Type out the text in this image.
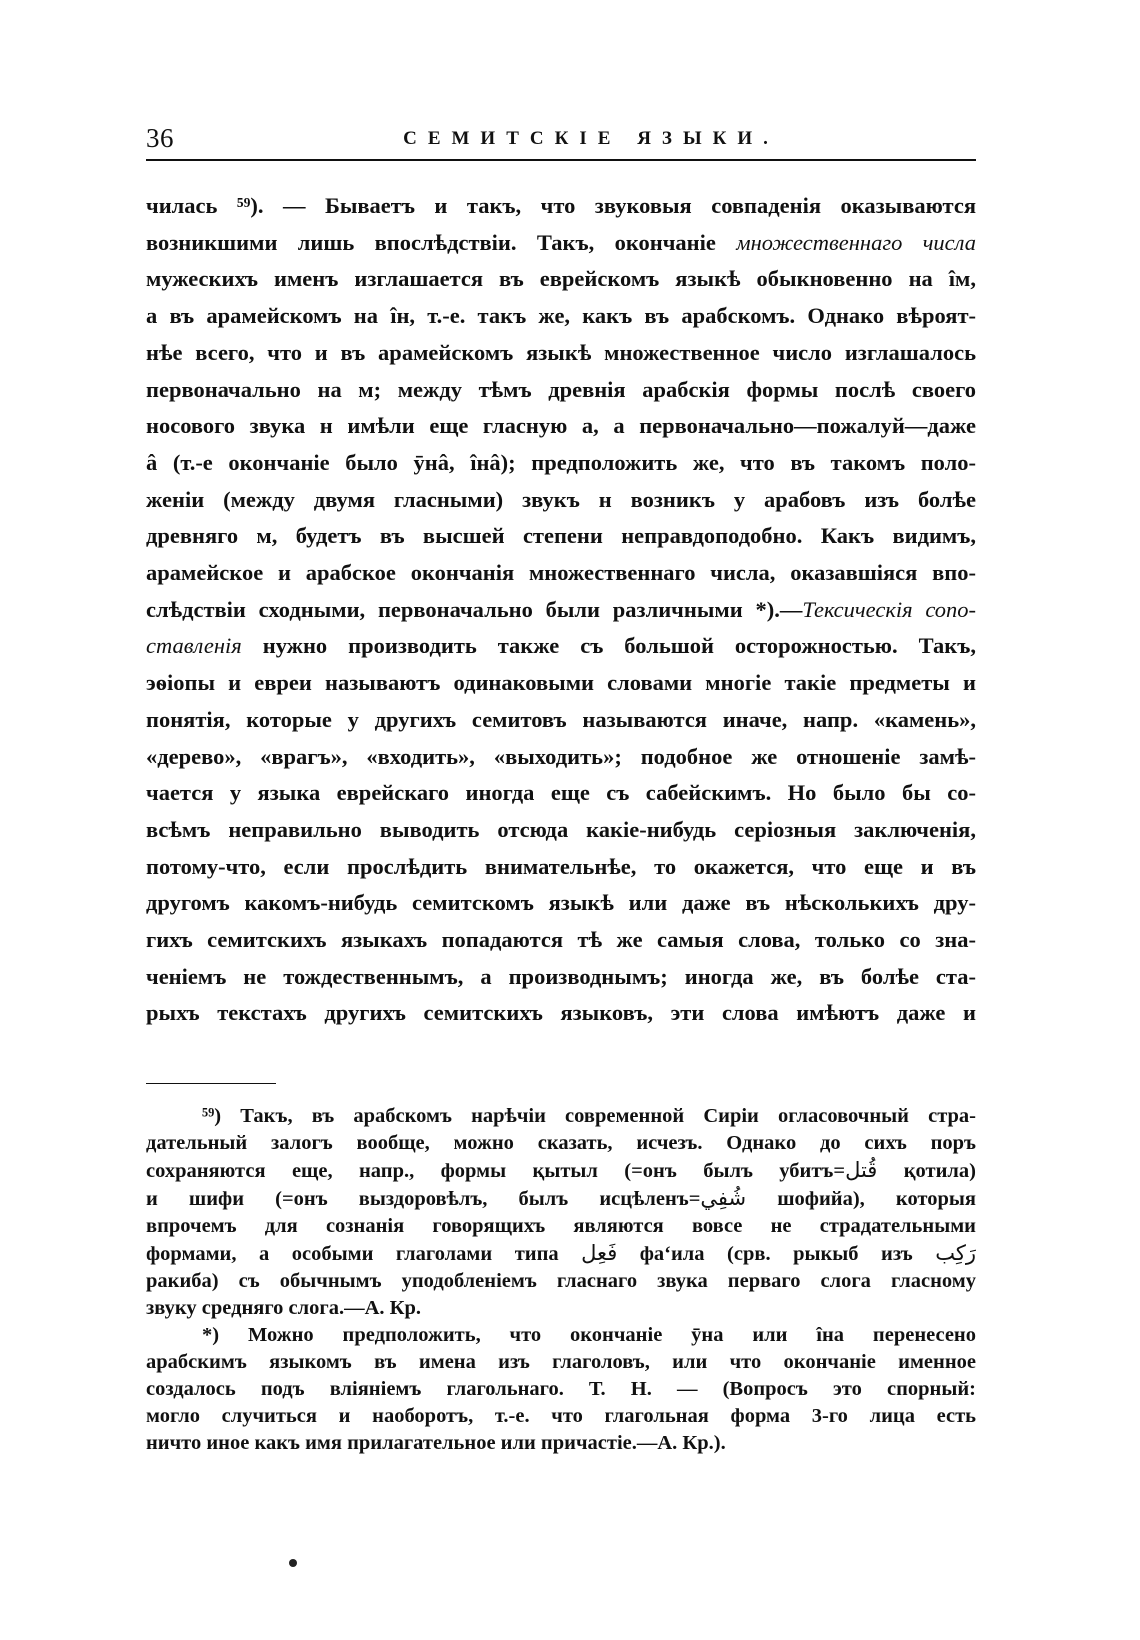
36	СЕМИТСКІЕ ЯЗЫКИ.
чилась ⁵⁹). — Бываетъ и такъ, что звуковыя совпаденія оказываются
возникшими лишь впослѣдствіи. Такъ, окончаніе множественнаго числа
мужескихъ именъ изглашается въ еврейскомъ языкѣ обыкновенно на îм,
а въ арамейскомъ на îн, т.-е. такъ же, какъ въ арабскомъ. Однако вѣроят-
нѣе всего, что и въ арамейскомъ языкѣ множественное число изглашалось
первоначально на м; между тѣмъ древнія арабскія формы послѣ своего
носового звука н имѣли еще гласную а, а первоначально—пожалуй—даже
â (т.-е окончаніе было ӯнâ, îнâ); предположить же, что въ такомъ поло-
женіи (между двумя гласными) звукъ н возникъ у арабовъ изъ болѣе
древняго м, будетъ въ высшей степени неправдоподобно. Какъ видимъ,
арамейское и арабское окончанія множественнаго числа, оказавшіяся впо-
слѣдствіи сходными, первоначально были различными *).—Тексическія сопо-
ставленія нужно производить также съ большой осторожностью. Такъ,
эѳіопы и евреи называютъ одинаковыми словами многіе такіе предметы и
понятія, которые у другихъ семитовъ называются иначе, напр. «камень»,
«дерево», «врагъ», «входить», «выходить»; подобное же отношеніе замѣ-
чается у языка еврейскаго иногда еще съ сабейскимъ. Но было бы со-
всѣмъ неправильно выводить отсюда какіе-нибудь серіозныя заключенія,
потому-что, если прослѣдить внимательнѣе, то окажется, что еще и въ
другомъ какомъ-нибудь семитскомъ языкѣ или даже въ нѣсколькихъ дру-
гихъ семитскихъ языкахъ попадаются тѣ же самыя слова, только со зна-
ченіемъ не тождественнымъ, а производнымъ; иногда же, въ болѣе ста-
рыхъ текстахъ другихъ семитскихъ языковъ, эти слова имѣютъ даже и
⁵⁹) Такъ, въ арабскомъ нарѣчіи современной Сиріи огласовочный стра-
дательный залогъ вообще, можно сказать, исчезъ. Однако до сихъ поръ
сохраняются еще, напр., формы қытыл (=онъ былъ убитъ=قُتل қотила)
и шифи (=онъ выздоровѣлъ, былъ исцѣленъ=شُفِي шофийа), которыя
впрочемъ для сознанія говорящихъ являются вовсе не страдательными
формами, а особыми глаголами типа فَعِل фа‘ила (срв. рыкыб изъ رَكِب
ракиба) съ обычнымъ уподобленіемъ гласнаго звука перваго слога гласному
звуку средняго слога.—А. Кр.
*) Можно предположить, что окончаніе ӯна или îна перенесено
арабскимъ языкомъ въ имена изъ глаголовъ, или что окончаніе именное
создалось подъ вліяніемъ глагольнаго. Т. Н. — (Вопросъ это спорный:
могло случиться и наоборотъ, т.-е. что глагольная форма 3-го лица есть
ничто иное какъ имя прилагательное или причастіе.—А. Кр.).
